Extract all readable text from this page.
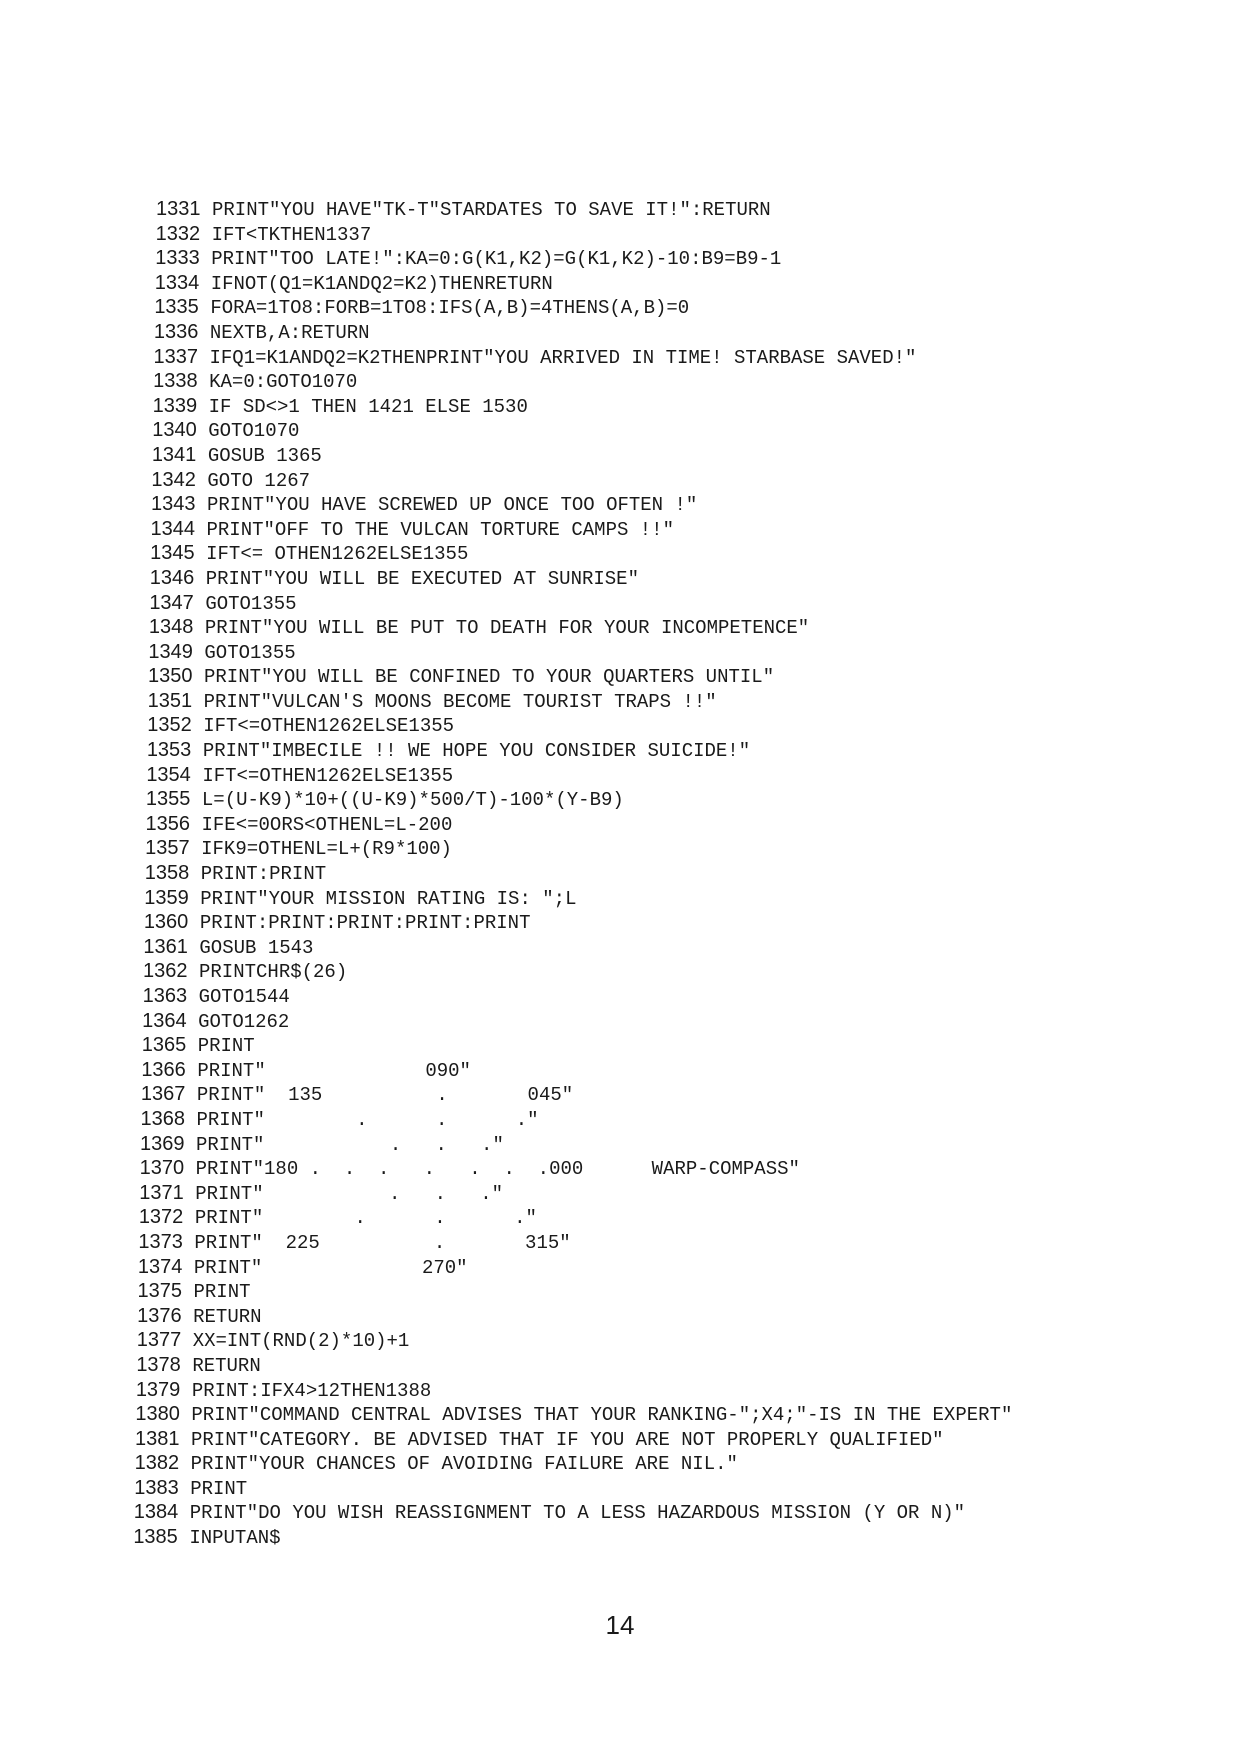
1331 PRINT"YOU HAVE"TK-T"STARDATES TO SAVE IT!":RETURN
1332 IFT<TKTHEN1337
1333 PRINT"TOO LATE!":KA=0:G(K1,K2)=G(K1,K2)-10:B9=B9-1
1334 IFNOT(Q1=K1ANDQ2=K2)THENRETURN
1335 FORA=1TO8:FORB=1TO8:IFS(A,B)=4THENS(A,B)=0
1336 NEXTB,A:RETURN
1337 IFQ1=K1ANDQ2=K2THENPRINT"YOU ARRIVED IN TIME! STARBASE SAVED!"
1338 KA=0:GOTO1070
1339 IF SD<>1 THEN 1421 ELSE 1530
1340 GOTO1070
1341 GOSUB 1365
1342 GOTO 1267
1343 PRINT"YOU HAVE SCREWED UP ONCE TOO OFTEN !"
1344 PRINT"OFF TO THE VULCAN TORTURE CAMPS !!"
1345 IFT<= OTHEN1262ELSE1355
1346 PRINT"YOU WILL BE EXECUTED AT SUNRISE"
1347 GOTO1355
1348 PRINT"YOU WILL BE PUT TO DEATH FOR YOUR INCOMPETENCE"
1349 GOTO1355
1350 PRINT"YOU WILL BE CONFINED TO YOUR QUARTERS UNTIL"
1351 PRINT"VULCAN'S MOONS BECOME TOURIST TRAPS !!"
1352 IFT<=OTHEN1262ELSE1355
1353 PRINT"IMBECILE !! WE HOPE YOU CONSIDER SUICIDE!"
1354 IFT<=OTHEN1262ELSE1355
1355 L=(U-K9)*10+((U-K9)*500/T)-100*(Y-B9)
1356 IFE<=0ORS<OTHENL=L-200
1357 IFK9=OTHENL=L+(R9*100)
1358 PRINT:PRINT
1359 PRINT"YOUR MISSION RATING IS: ";L
1360 PRINT:PRINT:PRINT:PRINT:PRINT
1361 GOSUB 1543
1362 PRINTCHR$(26)
1363 GOTO1544
1364 GOTO1262
1365 PRINT
1366 PRINT"              090"
1367 PRINT"  135          .       045"
1368 PRINT"        .      .      ."
1369 PRINT"           .   .   ."
1370 PRINT"180 .  .  .   .   .  .  .000      WARP-COMPASS"
1371 PRINT"           .   .   ."
1372 PRINT"        .      .      ."
1373 PRINT"  225          .       315"
1374 PRINT"              270"
1375 PRINT
1376 RETURN
1377 XX=INT(RND(2)*10)+1
1378 RETURN
1379 PRINT:IFX4>12THEN1388
1380 PRINT"COMMAND CENTRAL ADVISES THAT YOUR RANKING-";X4;"-IS IN THE EXPERT"
1381 PRINT"CATEGORY. BE ADVISED THAT IF YOU ARE NOT PROPERLY QUALIFIED"
1382 PRINT"YOUR CHANCES OF AVOIDING FAILURE ARE NIL."
1383 PRINT
1384 PRINT"DO YOU WISH REASSIGNMENT TO A LESS HAZARDOUS MISSION (Y OR N)"
1385 INPUTAN$
14
